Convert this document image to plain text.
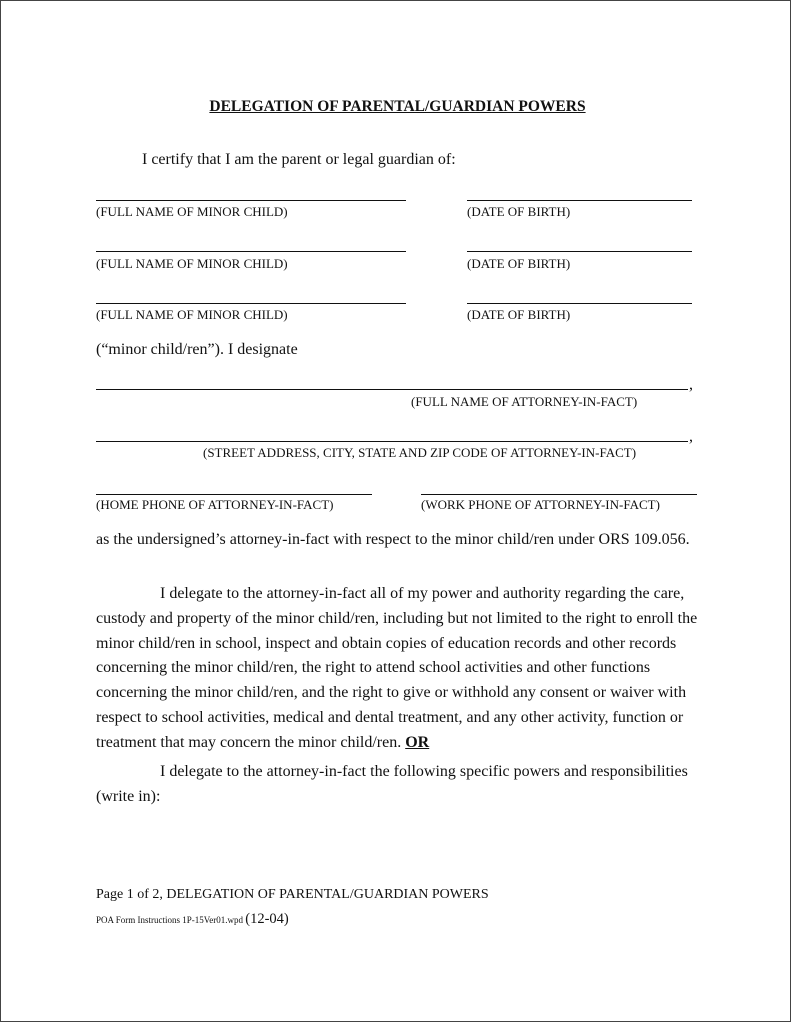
DELEGATION OF PARENTAL/GUARDIAN POWERS
I certify that I am the parent or legal guardian of:
(FULL NAME OF MINOR CHILD)	(DATE OF BIRTH)
(FULL NAME OF MINOR CHILD)	(DATE OF BIRTH)
(FULL NAME OF MINOR CHILD)	(DATE OF BIRTH)
(“minor child/ren”). I designate
,
(FULL NAME OF ATTORNEY-IN-FACT)
,
(STREET ADDRESS, CITY, STATE AND ZIP CODE OF ATTORNEY-IN-FACT)
(HOME PHONE OF ATTORNEY-IN-FACT)	(WORK PHONE OF ATTORNEY-IN-FACT)
as the undersigned’s attorney-in-fact with respect to the minor child/ren under ORS 109.056.
I delegate to the attorney-in-fact all of my power and authority regarding the care, custody and property of the minor child/ren, including but not limited to the right to enroll the minor child/ren in school, inspect and obtain copies of education records and other records concerning the minor child/ren, the right to attend school activities and other functions concerning the minor child/ren, and the right to give or withhold any consent or waiver with respect to school activities, medical and dental treatment, and any other activity, function or treatment that may concern the minor child/ren. OR
I delegate to the attorney-in-fact the following specific powers and responsibilities (write in):
Page 1 of 2, DELEGATION OF PARENTAL/GUARDIAN POWERS
POA Form Instructions 1P-15Ver01.wpd (12-04)
